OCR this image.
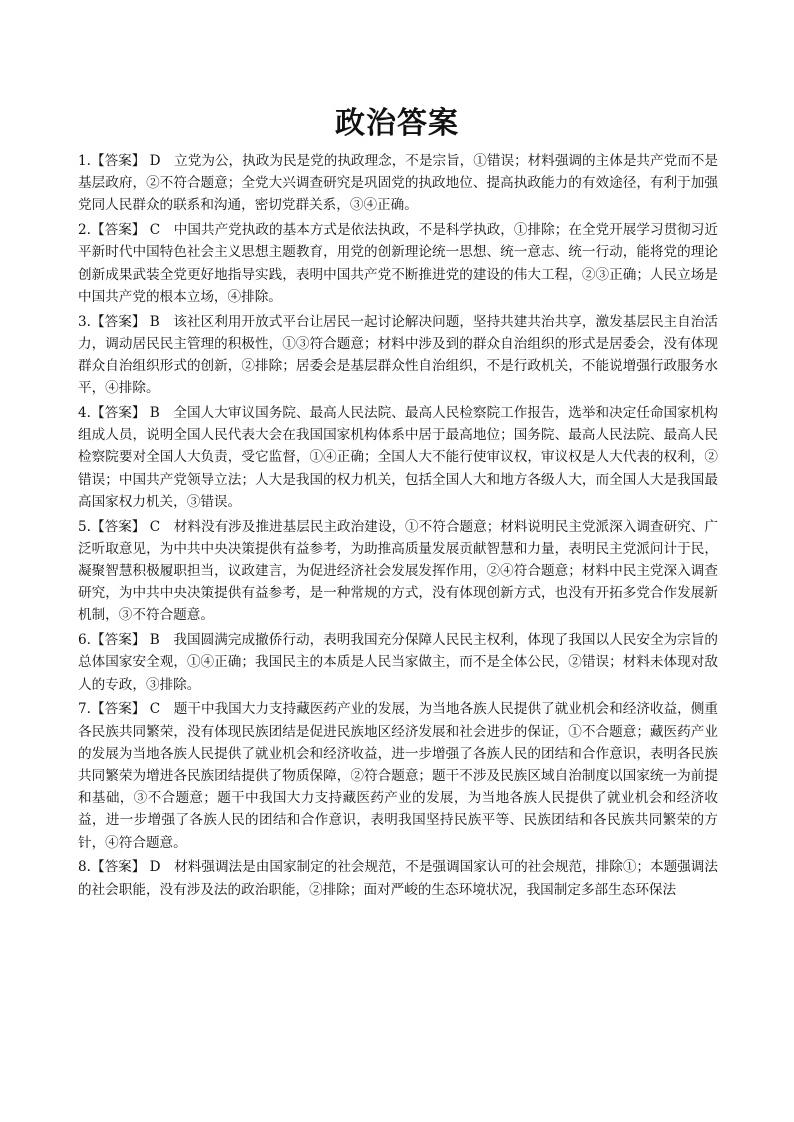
政治答案

1.【答案】 D　立党为公，执政为民是党的执政理念，不是宗旨，①错误；材料强调的主体是共产党而不是基层政府，②不符合题意；全党大兴调查研究是巩固党的执政地位、提高执政能力的有效途径，有利于加强党同人民群众的联系和沟通，密切党群关系，③④正确。

2.【答案】 C　中国共产党执政的基本方式是依法执政，不是科学执政，①排除；在全党开展学习贯彻习近平新时代中国特色社会主义思想主题教育，用党的创新理论统一思想、统一意志、统一行动，能将党的理论创新成果武装全党更好地指导实践，表明中国共产党不断推进党的建设的伟大工程，②③正确；人民立场是中国共产党的根本立场，④排除。

3.【答案】 B　该社区利用开放式平台让居民一起讨论解决问题，坚持共建共治共享，激发基层民主自治活力，调动居民民主管理的积极性，①③符合题意；材料中涉及到的群众自治组织的形式是居委会，没有体现群众自治组织形式的创新，②排除；居委会是基层群众性自治组织，不是行政机关，不能说增强行政服务水平，④排除。

4.【答案】 B　全国人大审议国务院、最高人民法院、最高人民检察院工作报告，选举和决定任命国家机构组成人员，说明全国人民代表大会在我国国家机构体系中居于最高地位；国务院、最高人民法院、最高人民检察院要对全国人大负责，受它监督，①④正确；全国人大不能行使审议权，审议权是人大代表的权利，②错误；中国共产党领导立法；人大是我国的权力机关，包括全国人大和地方各级人大，而全国人大是我国最高国家权力机关，③错误。

5.【答案】 C　材料没有涉及推进基层民主政治建设，①不符合题意；材料说明民主党派深入调查研究、广泛听取意见，为中共中央决策提供有益参考，为助推高质量发展贡献智慧和力量，表明民主党派问计于民，凝聚智慧积极履职担当，议政建言，为促进经济社会发展发挥作用，②④符合题意；材料中民主党深入调查研究，为中共中央决策提供有益参考，是一种常规的方式，没有体现创新方式，也没有开拓多党合作发展新机制，③不符合题意。

6.【答案】 B　我国圆满完成撤侨行动，表明我国充分保障人民民主权利，体现了我国以人民安全为宗旨的总体国家安全观，①④正确；我国民主的本质是人民当家做主，而不是全体公民，②错误；材料未体现对敌人的专政，③排除。

7.【答案】 C　题干中我国大力支持藏医药产业的发展，为当地各族人民提供了就业机会和经济收益，侧重各民族共同繁荣，没有体现民族团结是促进民族地区经济发展和社会进步的保证，①不合题意；藏医药产业的发展为当地各族人民提供了就业机会和经济收益，进一步增强了各族人民的团结和合作意识，表明各民族共同繁荣为增进各民族团结提供了物质保障，②符合题意；题干不涉及民族区域自治制度以国家统一为前提和基础，③不合题意；题干中我国大力支持藏医药产业的发展，为当地各族人民提供了就业机会和经济收益，进一步增强了各族人民的团结和合作意识，表明我国坚持民族平等、民族团结和各民族共同繁荣的方针，④符合题意。

8.【答案】 D　材料强调法是由国家制定的社会规范，不是强调国家认可的社会规范，排除①；本题强调法的社会职能，没有涉及法的政治职能，②排除；面对严峻的生态环境状况，我国制定多部生态环保法
